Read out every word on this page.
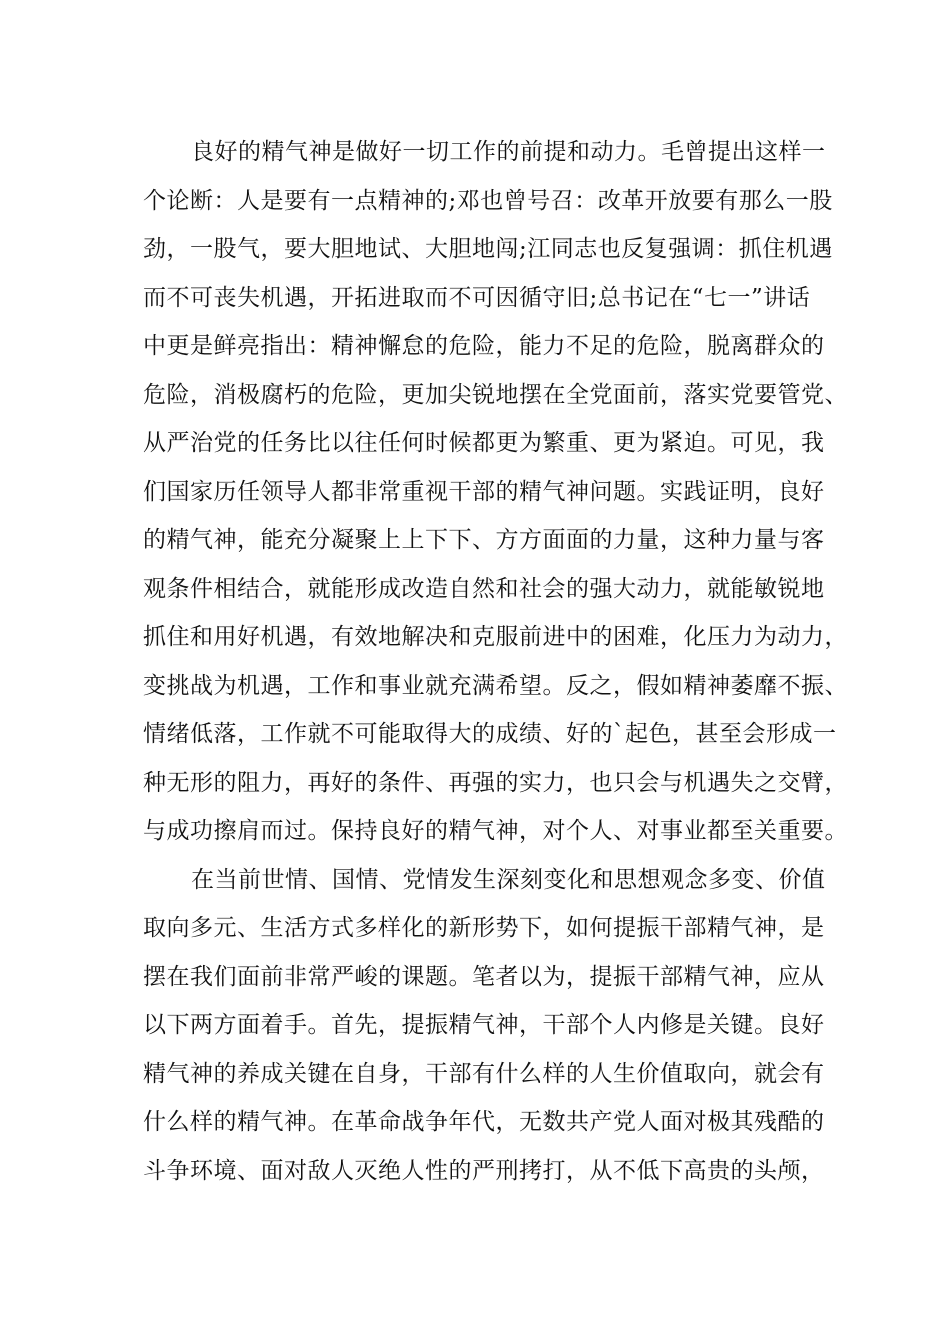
良好的精气神是做好一切工作的前提和动力。毛曾提出这样一
个论断：人是要有一点精神的;邓也曾号召：改革开放要有那么一股
劲，一股气，要大胆地试、大胆地闯;江同志也反复强调：抓住机遇
而不可丧失机遇，开拓进取而不可因循守旧;总书记在“七一”讲话
中更是鲜亮指出：精神懈怠的危险，能力不足的危险，脱离群众的
危险，消极腐朽的危险，更加尖锐地摆在全党面前，落实党要管党、
从严治党的任务比以往任何时候都更为繁重、更为紧迫。可见，我
们国家历任领导人都非常重视干部的精气神问题。实践证明，良好
的精气神，能充分凝聚上上下下、方方面面的力量，这种力量与客
观条件相结合，就能形成改造自然和社会的强大动力，就能敏锐地
抓住和用好机遇，有效地解决和克服前进中的困难，化压力为动力，
变挑战为机遇，工作和事业就充满希望。反之，假如精神萎靡不振、
情绪低落，工作就不可能取得大的成绩、好的`起色，甚至会形成一
种无形的阻力，再好的条件、再强的实力，也只会与机遇失之交臂，
与成功擦肩而过。保持良好的精气神，对个人、对事业都至关重要。
在当前世情、国情、党情发生深刻变化和思想观念多变、价值
取向多元、生活方式多样化的新形势下，如何提振干部精气神，是
摆在我们面前非常严峻的课题。笔者以为，提振干部精气神，应从
以下两方面着手。首先，提振精气神，干部个人内修是关键。良好
精气神的养成关键在自身，干部有什么样的人生价值取向，就会有
什么样的精气神。在革命战争年代，无数共产党人面对极其残酷的
斗争环境、面对敌人灭绝人性的严刑拷打，从不低下高贵的头颅，
